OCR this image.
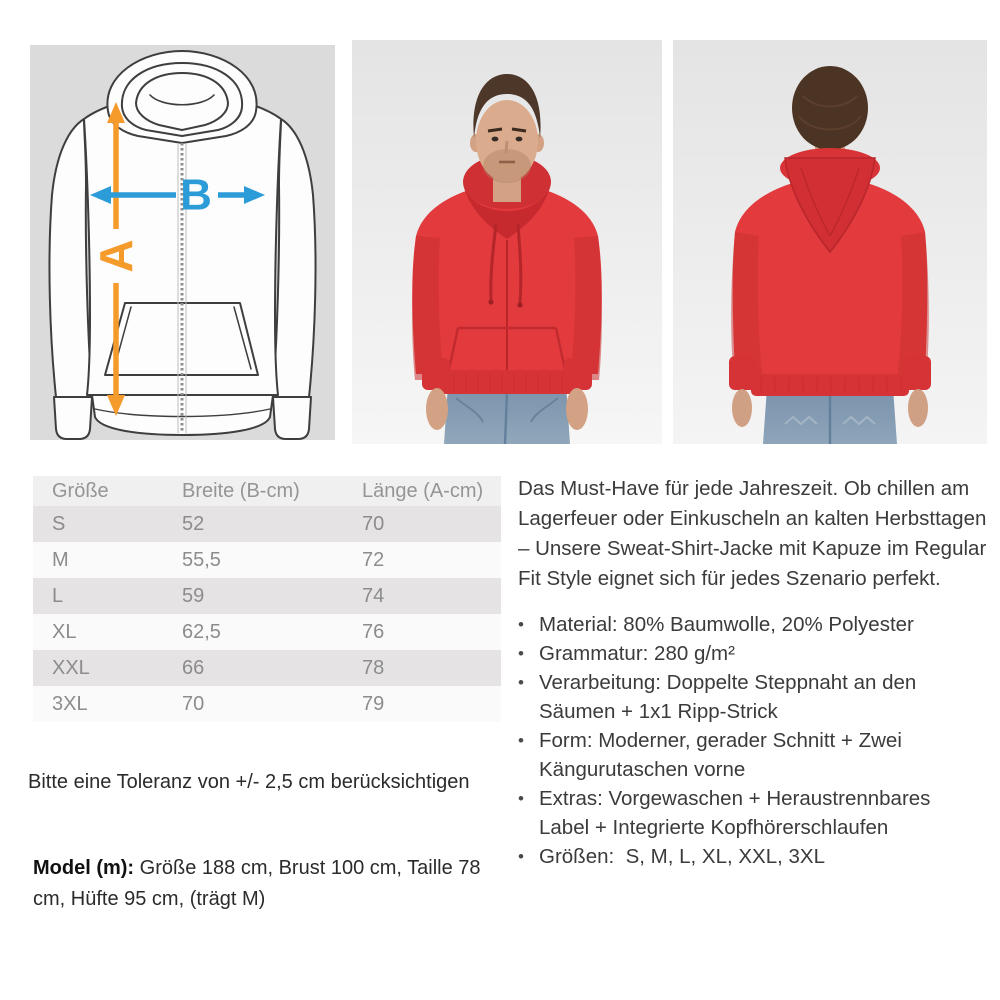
A
B
Größe	Breite (B-cm)	Länge (A-cm)
S	52	70
M	55,5	72
L	59	74
XL	62,5	76
XXL	66	78
3XL	70	79

Bitte eine Toleranz von +/- 2,5 cm berücksichtigen

Model (m): Größe 188 cm, Brust 100 cm, Taille 78 cm, Hüfte 95 cm, (trägt M)

Das Must-Have für jede Jahreszeit. Ob chillen am Lagerfeuer oder Einkuscheln an kalten Herbsttagen – Unsere Sweat-Shirt-Jacke mit Kapuze im Regular Fit Style eignet sich für jedes Szenario perfekt.

• Material: 80% Baumwolle, 20% Polyester
• Grammatur: 280 g/m²
• Verarbeitung: Doppelte Steppnaht an den Säumen + 1x1 Ripp-Strick
• Form: Moderner, gerader Schnitt + Zwei Kängurutaschen vorne
• Extras: Vorgewaschen + Heraustrennbares Label + Integrierte Kopfhörerschlaufen
• Größen:  S, M, L, XL, XXL, 3XL
